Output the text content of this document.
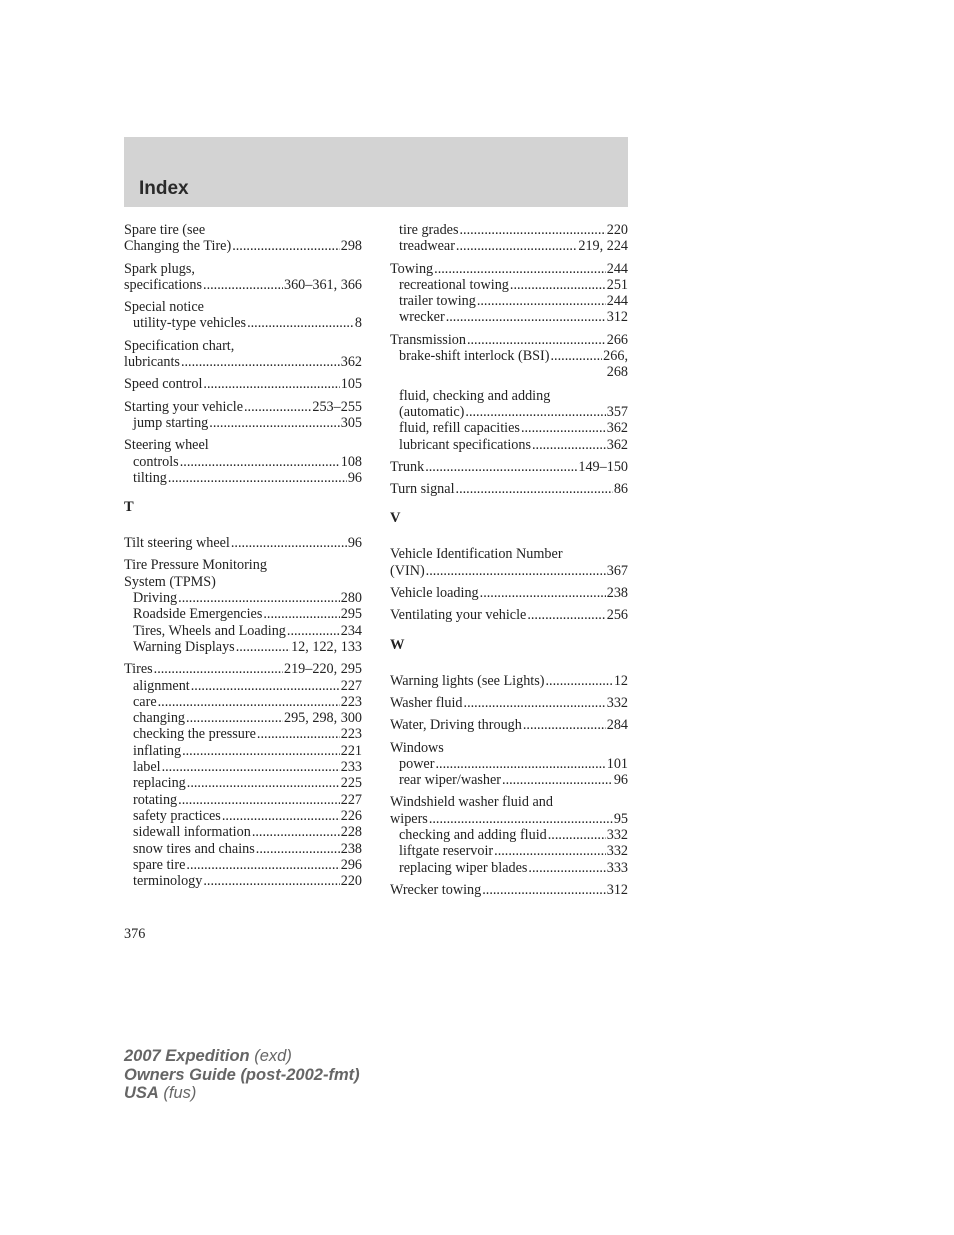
Index
Spare tire (see
Changing the Tire) .....	298
Spark plugs,
specifications .....	360–361, 366
Special notice
utility-type vehicles .....	8
Specification chart,
lubricants .....	362
Speed control .....	105
Starting your vehicle .....	253–255
jump starting .....	305
Steering wheel
controls .....	108
tilting .....	96
T
Tilt steering wheel .....	96
Tire Pressure Monitoring
System (TPMS)
Driving .....	280
Roadside Emergencies .....	295
Tires, Wheels and Loading .....	234
Warning Displays .....	12, 122, 133
Tires .....	219–220, 295
alignment .....	227
care .....	223
changing .....	295, 298, 300
checking the pressure .....	223
inflating .....	221
label .....	233
replacing .....	225
rotating .....	227
safety practices .....	226
sidewall information .....	228
snow tires and chains .....	238
spare tire .....	296
terminology .....	220
tire grades .....	220
treadwear .....	219, 224
Towing .....	244
recreational towing .....	251
trailer towing .....	244
wrecker .....	312
Transmission .....	266
brake-shift interlock (BSI) .....	266,
268
fluid, checking and adding
(automatic) .....	357
fluid, refill capacities .....	362
lubricant specifications .....	362
Trunk .....	149–150
Turn signal .....	86
V
Vehicle Identification Number
(VIN) .....	367
Vehicle loading .....	238
Ventilating your vehicle .....	256
W
Warning lights (see Lights) .....	12
Washer fluid .....	332
Water, Driving through .....	284
Windows
power .....	101
rear wiper/washer .....	96
Windshield washer fluid and
wipers .....	95
checking and adding fluid .....	332
liftgate reservoir .....	332
replacing wiper blades .....	333
Wrecker towing .....	312
376
2007 Expedition (exd)
Owners Guide (post-2002-fmt)
USA (fus)
